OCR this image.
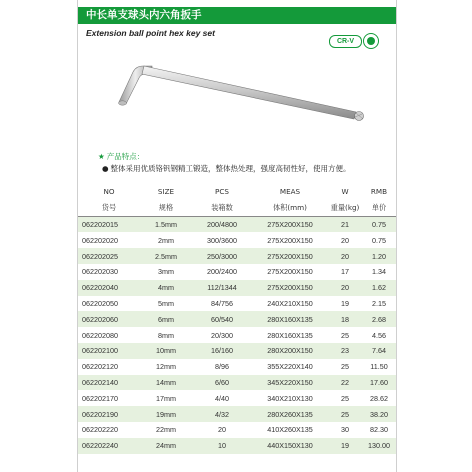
中长单支球头内六角扳手
Extension ball point hex key set
CR-V
★ 产品特点：
● 整体采用优质铬钒钢精工锻造，整体热处理，强度高韧性好，使用方便。
NO	SIZE	PCS	MEAS	W	RMB
货号	规格	装箱数	体积(mm)	重量(kg)	单价
062202015	1.5mm	200/4800	275X200X150	21	0.75
062202020	2mm	300/3600	275X200X150	20	0.75
062202025	2.5mm	250/3000	275X200X150	20	1.20
062202030	3mm	200/2400	275X200X150	17	1.34
062202040	4mm	112/1344	275X200X150	20	1.62
062202050	5mm	84/756	240X210X150	19	2.15
062202060	6mm	60/540	280X160X135	18	2.68
062202080	8mm	20/300	280X160X135	25	4.56
062202100	10mm	16/160	280X200X150	23	7.64
062202120	12mm	8/96	355X220X140	25	11.50
062202140	14mm	6/60	345X220X150	22	17.60
062202170	17mm	4/40	340X210X130	25	28.62
062202190	19mm	4/32	280X260X135	25	38.20
062202220	22mm	20	410X260X135	30	82.30
062202240	24mm	10	440X150X130	19	130.00
